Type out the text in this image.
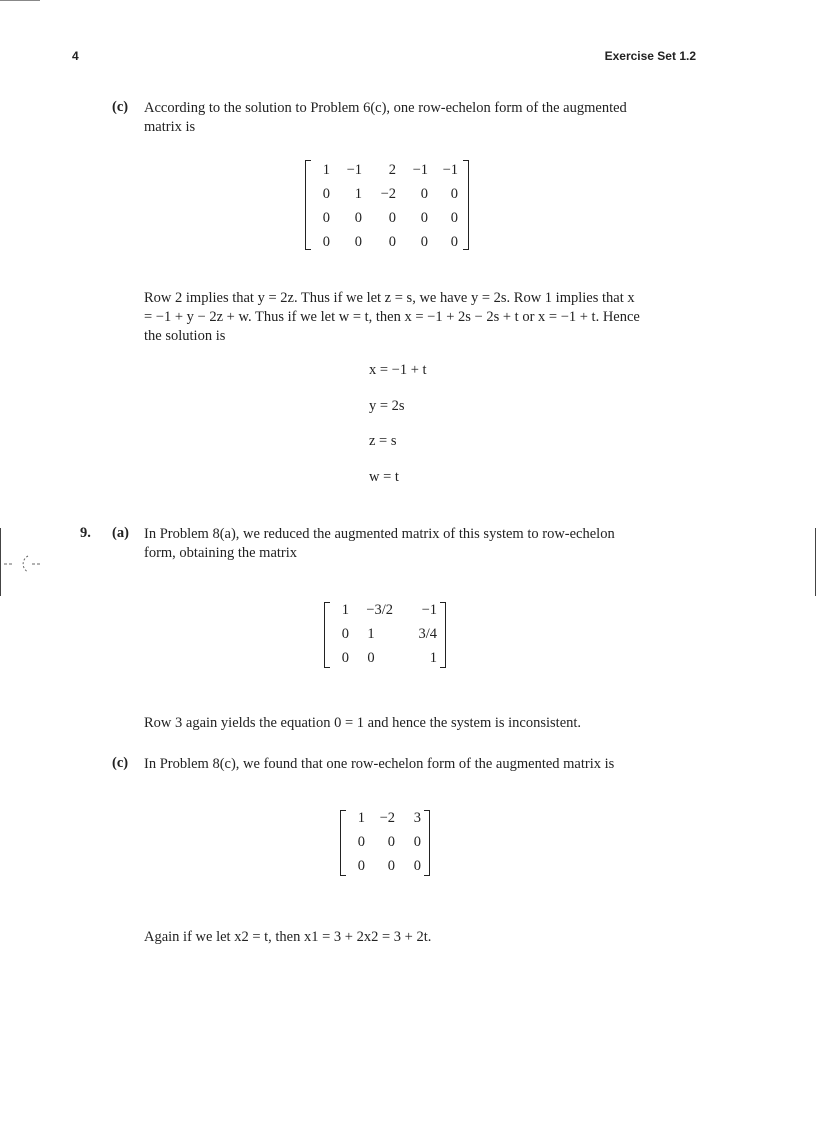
4	Exercise Set 1.2
(c) According to the solution to Problem 6(c), one row-echelon form of the augmented

matrix is

1	−1	2	−1	−1
0	1	−2	0	0
0	0	0	0	0
0	0	0	0	0

Row 2 implies that y = 2z. Thus if we let z = s, we have y = 2s. Row 1 implies that x

= −1 + y − 2z + w. Thus if we let w = t, then x = −1 + 2s − 2s + t or x = −1 + t. Hence

the solution is

x = −1 + t
y = 2s
z = s
w = t
9. (a) In Problem 8(a), we reduced the augmented matrix of this system to row-echelon

form, obtaining the matrix

1	−3/2	−1
0	1	3/4
0	0	1
Row 3 again yields the equation 0 = 1 and hence the system is inconsistent.
(c) In Problem 8(c), we found that one row-echelon form of the augmented matrix is
1	−2	3
0	0	0
0	0	0
Again if we let x2 = t, then x1 = 3 + 2x2 = 3 + 2t.
